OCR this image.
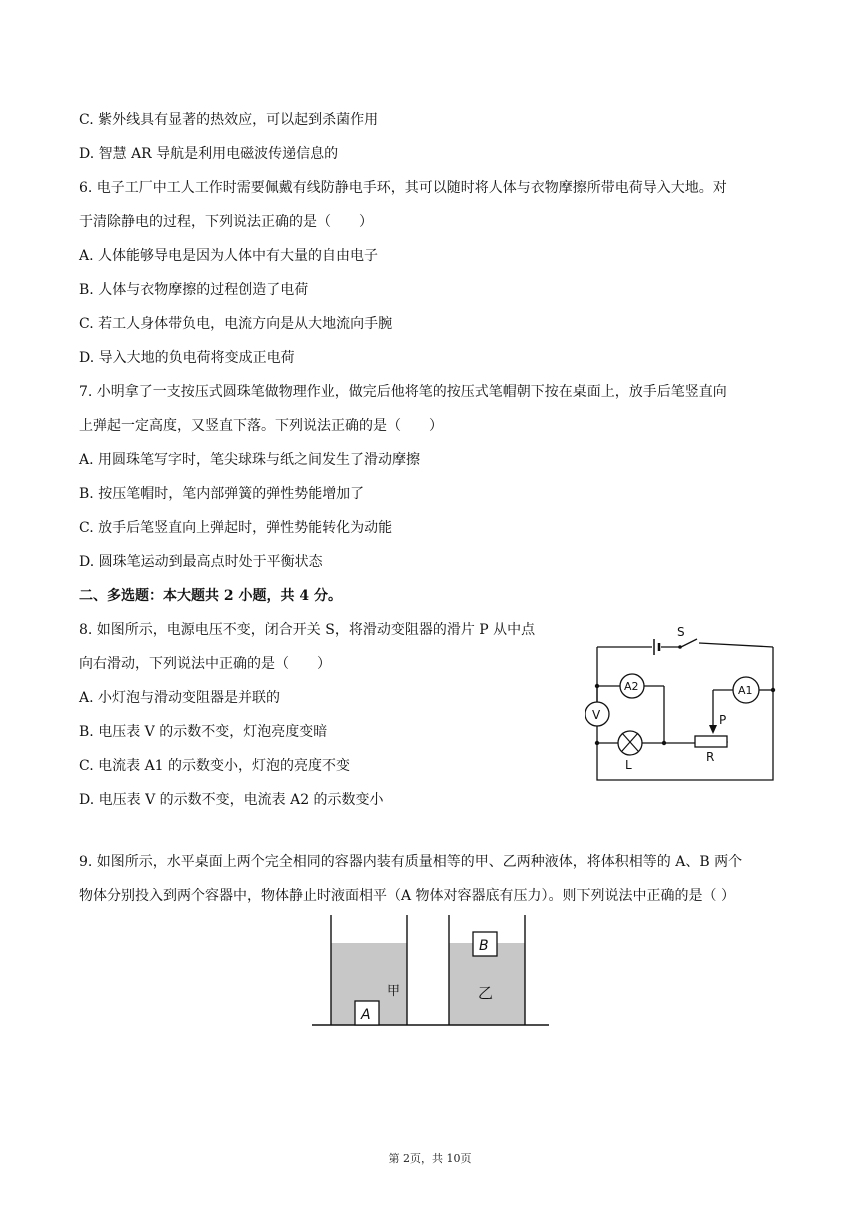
C. 紫外线具有显著的热效应，可以起到杀菌作用
D. 智慧 AR 导航是利用电磁波传递信息的
6. 电子工厂中工人工作时需要佩戴有线防静电手环，其可以随时将人体与衣物摩擦所带电荷导入大地。对
于清除静电的过程，下列说法正确的是（　　）
A. 人体能够导电是因为人体中有大量的自由电子
B. 人体与衣物摩擦的过程创造了电荷
C. 若工人身体带负电，电流方向是从大地流向手腕
D. 导入大地的负电荷将变成正电荷
7. 小明拿了一支按压式圆珠笔做物理作业，做完后他将笔的按压式笔帽朝下按在桌面上，放手后笔竖直向
上弹起一定高度，又竖直下落。下列说法正确的是（　　）
A. 用圆珠笔写字时，笔尖球珠与纸之间发生了滑动摩擦
B. 按压笔帽时，笔内部弹簧的弹性势能增加了
C. 放手后笔竖直向上弹起时，弹性势能转化为动能
D. 圆珠笔运动到最高点时处于平衡状态
二、多选题：本大题共 2 小题，共 4 分。
8. 如图所示，电源电压不变，闭合开关 S，将滑动变阻器的滑片 P 从中点
向右滑动，下列说法中正确的是（　　）
A. 小灯泡与滑动变阻器是并联的
B. 电压表 V 的示数不变，灯泡亮度变暗
C. 电流表 A1 的示数变小，灯泡的亮度不变
D. 电压表 V 的示数不变，电流表 A2 的示数变小
9. 如图所示，水平桌面上两个完全相同的容器内装有质量相等的甲、乙两种液体，将体积相等的 A、B 两个
物体分别投入到两个容器中，物体静止时液面相平（A 物体对容器底有压力）。则下列说法中正确的是（ ）
S
A2	A1
V	P
R
L
A
B
甲	乙
第 2页，共 10页
